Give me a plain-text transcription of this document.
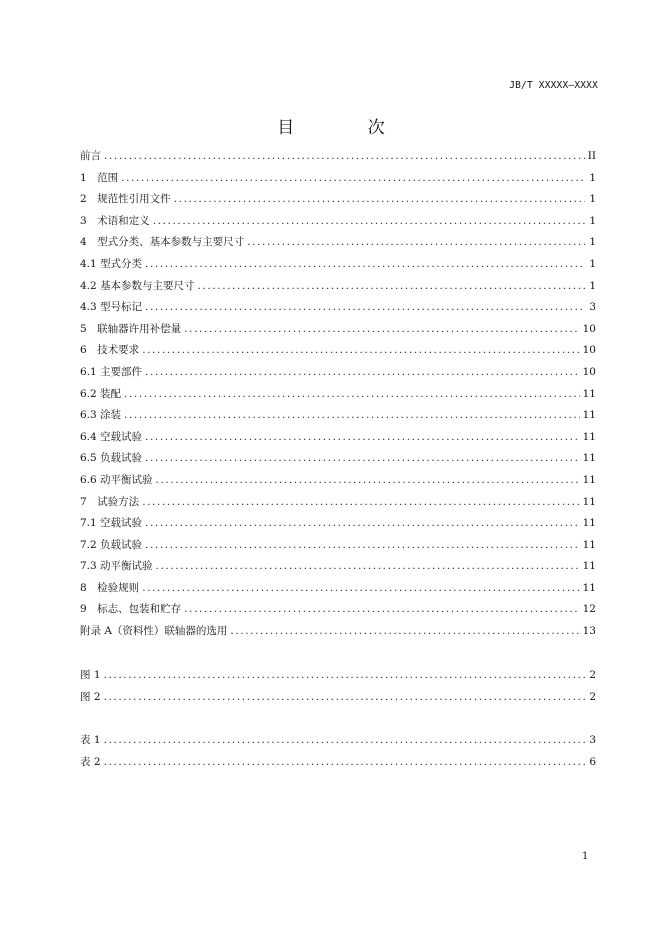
JB/T XXXXX—XXXX
目 次
前言 .....	II
1　范围 .....	1
2　规范性引用文件 .....	1
3　术语和定义 .....	1
4　型式分类、基本参数与主要尺寸 .....	1
4.1 型式分类 .....	1
4.2 基本参数与主要尺寸 .....	1
4.3 型号标记 .....	3
5　联轴器许用补偿量 .....	10
6　技术要求 .....	10
6.1 主要部件 .....	10
6.2 装配 .....	11
6.3 涂装 .....	11
6.4 空载试验 .....	11
6.5 负载试验 .....	11
6.6 动平衡试验 .....	11
7　试验方法 .....	11
7.1 空载试验 .....	11
7.2 负载试验 .....	11
7.3 动平衡试验 .....	11
8　检验规则 .....	11
9　标志、包装和贮存 .....	12
附录 A（资料性）联轴器的选用 .....	13
图 1 .....	2
图 2 .....	2
表 1 .....	3
表 2 .....	6
1
